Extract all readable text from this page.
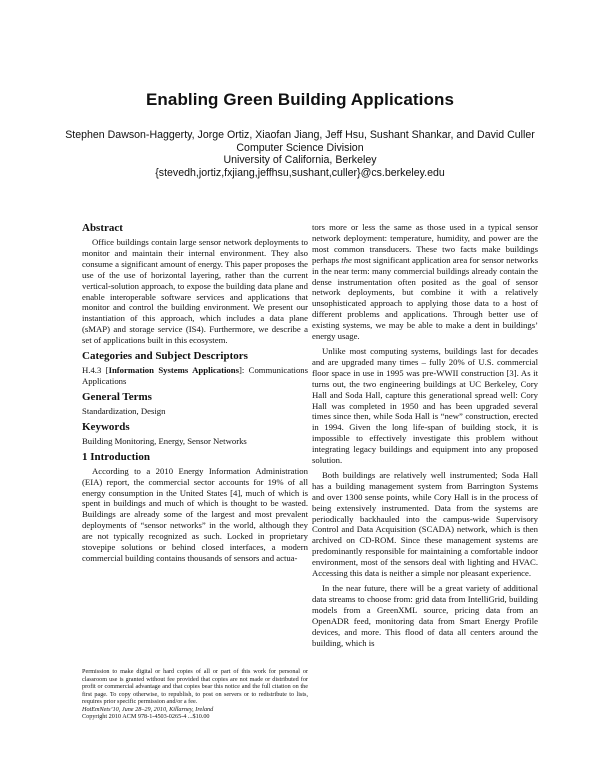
Enabling Green Building Applications
Stephen Dawson-Haggerty, Jorge Ortiz, Xiaofan Jiang, Jeff Hsu, Sushant Shankar, and David Culler
Computer Science Division
University of California, Berkeley
{stevedh,jortiz,fxjiang,jeffhsu,sushant,culler}@cs.berkeley.edu
Abstract

Office buildings contain large sensor network deployments to monitor and maintain their internal environment. They also consume a significant amount of energy. This paper proposes the use of the use of horizontal layering, rather than the current vertical-solution approach, to expose the building data plane and enable interoperable software services and applications that monitor and control the building environment. We present our instantiation of this approach, which includes a data plane (sMAP) and storage service (IS4). Furthermore, we describe a set of applications built in this ecosystem.

Categories and Subject Descriptors

H.4.3 [Information Systems Applications]: Communications Applications

General Terms

Standardization, Design

Keywords

Building Monitoring, Energy, Sensor Networks

1 Introduction

According to a 2010 Energy Information Administration (EIA) report, the commercial sector accounts for 19% of all energy consumption in the United States [4], much of which is spent in buildings and much of which is thought to be wasted. Buildings are already some of the largest and most prevalent deployments of “sensor networks” in the world, although they are not typically recognized as such. Locked in proprietary stovepipe solutions or behind closed interfaces, a modern commercial building contains thousands of sensors and actua-

Permission to make digital or hard copies of all or part of this work for personal or classroom use is granted without fee provided that copies are not made or distributed for profit or commercial advantage and that copies bear this notice and the full citation on the first page. To copy otherwise, to republish, to post on servers or to redistribute to lists, requires prior specific permission and/or a fee.
HotEmNets’10, June 28–29, 2010, Killarney, Ireland
Copyright 2010 ACM 978-1-4503-0265-4 ...$10.00

tors more or less the same as those used in a typical sensor network deployment: temperature, humidity, and power are the most common transducers. These two facts make buildings perhaps the most significant application area for sensor networks in the near term: many commercial buildings already contain the dense instrumentation often posited as the goal of sensor network deployments, but combine it with a relatively unsophisticated approach to applying those data to a host of different problems and applications. Through better use of existing systems, we may be able to make a dent in buildings’ energy usage.

Unlike most computing systems, buildings last for decades and are upgraded many times – fully 20% of U.S. commercial floor space in use in 1995 was pre-WWII construction [3]. As it turns out, the two engineering buildings at UC Berkeley, Cory Hall and Soda Hall, capture this generational spread well: Cory Hall was completed in 1950 and has been upgraded several times since then, while Soda Hall is “new” construction, erected in 1994. Given the long life-span of building stock, it is impossible to effectively investigate this problem without integrating legacy buildings and equipment into any proposed solution.

Both buildings are relatively well instrumented; Soda Hall has a building management system from Barrington Systems and over 1300 sense points, while Cory Hall is in the process of being extensively instrumented. Data from the systems are periodically backhauled into the campus-wide Supervisory Control and Data Acquisition (SCADA) network, which is then archived on CD-ROM. Since these management systems are predominantly responsible for maintaining a comfortable indoor environment, most of the sensors deal with lighting and HVAC. Accessing this data is neither a simple nor pleasant experience.

In the near future, there will be a great variety of additional data streams to choose from: grid data from IntelliGrid, building models from a GreenXML source, pricing data from an OpenADR feed, monitoring data from Smart Energy Profile devices, and more. This flood of data all centers around the building, which is
